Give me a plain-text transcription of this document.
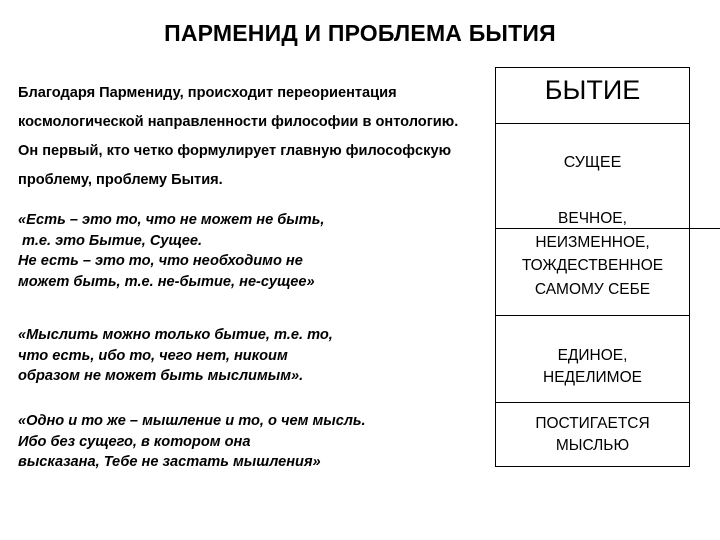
ПАРМЕНИД И ПРОБЛЕМА БЫТИЯ
Благодаря Пармениду, происходит переориентация
космологической направленности философии в онтологию.
Он первый, кто четко формулирует главную философскую
проблему, проблему Бытия.
«Есть – это то, что не может не быть,
т.е. это Бытие, Сущее.
Не есть – это то, что необходимо не
может быть, т.е. не-бытие, не-сущее»
«Мыслить можно только бытие, т.е. то,
что есть, ибо то, чего нет, никоим
образом не может быть мыслимым».
«Одно и то же – мышление и то, о чем мысль.
Ибо без сущего, в котором она
высказана, Тебе не застать мышления»
БЫТИЕ
СУЩЕЕ
ВЕЧНОЕ,
НЕИЗМЕННОЕ,
ТОЖДЕСТВЕННОЕ
САМОМУ СЕБЕ
ЕДИНОЕ,
НЕДЕЛИМОЕ
ПОСТИГАЕТСЯ
МЫСЛЬЮ
